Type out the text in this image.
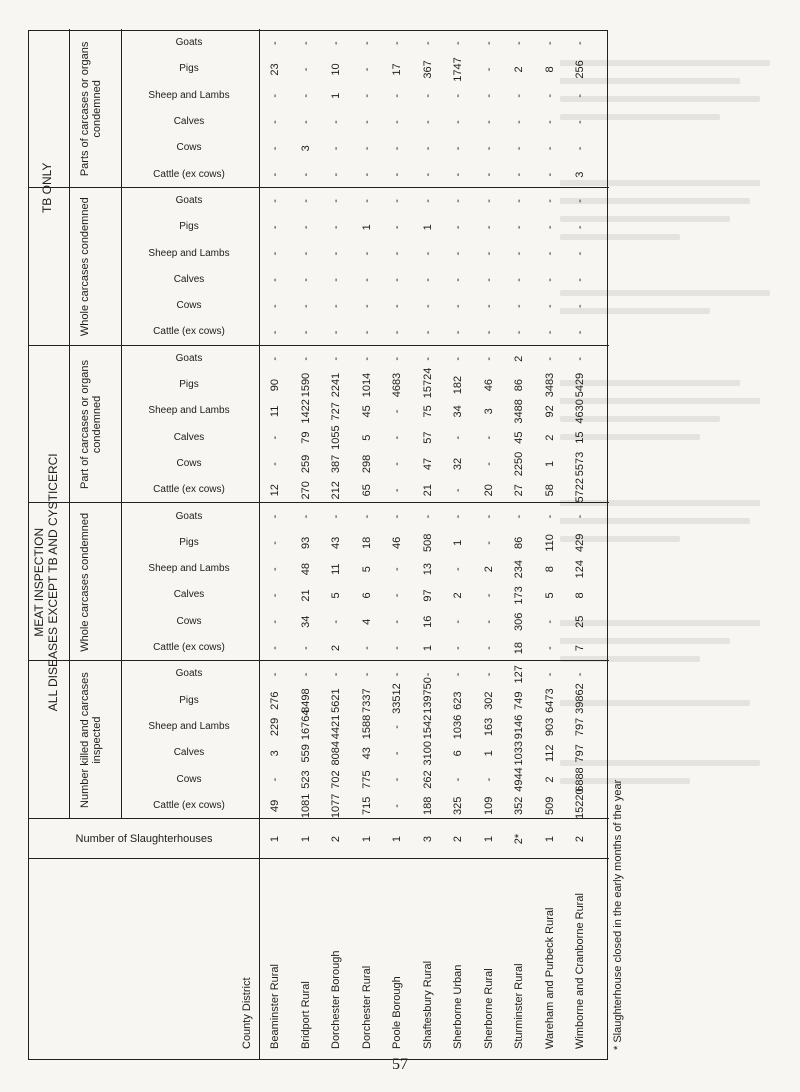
MEAT INSPECTION ALL DISEASES EXCEPT TB AND CYSTICERCI
TB ONLY
Number killed and carcases inspected
Whole carcases condemned
Part of carcases or organs condemned
Whole carcases condemned
Parts of carcases or organs condemned
Cattle (ex cows)
Cows
Calves
Sheep and Lambs
Pigs
Goats
Cattle (ex cows)
Cows
Calves
Sheep and Lambs
Pigs
Goats
Cattle (ex cows)
Cows
Calves
Sheep and Lambs
Pigs
Goats
Cattle (ex cows)
Cows
Calves
Sheep and Lambs
Pigs
Goats
Cattle (ex cows)
Cows
Calves
Sheep and Lambs
Pigs
Goats
Number of Slaughterhouses
County District Beaminster Rural
1
49
-
3
229
276
-
-
-
-
-
-
-
12
-
-
11
90
-
-
-
-
-
-
-
-
-
-
-
23
-
Bridport Rural
1
1081
523
559
16764
8498
-
-
34
21
48
93
-
270
259
79
1422
1590
-
-
-
-
-
-
-
-
3
-
-
-
-
Dorchester Borough
2
1077
702
8084
4421
5621
-
2
-
5
11
43
-
212
387
1055
727
2241
-
-
-
-
-
-
-
-
-
-
1
10
-
Dorchester Rural
1
715
775
43
1588
7337
-
-
4
6
5
18
-
65
298
5
45
1014
-
-
-
-
-
1
-
-
-
-
-
-
-
Poole Borough
1
-
-
-
-
33512
-
-
-
-
-
46
-
-
-
-
-
4683
-
-
-
-
-
-
-
-
-
-
-
17
-
Shaftesbury Rural
3
188
262
3100
1542
139750
-
1
16
97
13
508
-
21
47
57
75
15724
-
-
-
-
-
1
-
-
-
-
-
367
-
Sherborne Urban
2
325
-
6
1036
623
-
-
-
2
-
1
-
-
32
-
34
182
-
-
-
-
-
-
-
-
-
-
-
1747
-
Sherborne Rural
1
109
-
1
163
302
-
-
-
-
2
-
-
20
-
-
3
46
-
-
-
-
-
-
-
-
-
-
-
-
-
Sturminster Rural
2*
352
4944
1033
9146
749
127
18
306
173
234
86
-
27
2250
45
3488
86
2
-
-
-
-
-
-
-
-
-
-
2
-
Wareham and Purbeck Rural
1
509
2
112
903
6473
-
-
-
5
8
110
-
58
1
2
92
3483
-
-
-
-
-
-
-
-
-
-
-
8
-
Wimborne and Cranborne Rural
2
15220
6888
797
797
39862
-
7
25
8
124
429
-
5722
5573
15
4630
5429
-
-
-
-
-
-
-
3
-
-
-
256
-
* Slaughterhouse closed in the early months of the year
57
